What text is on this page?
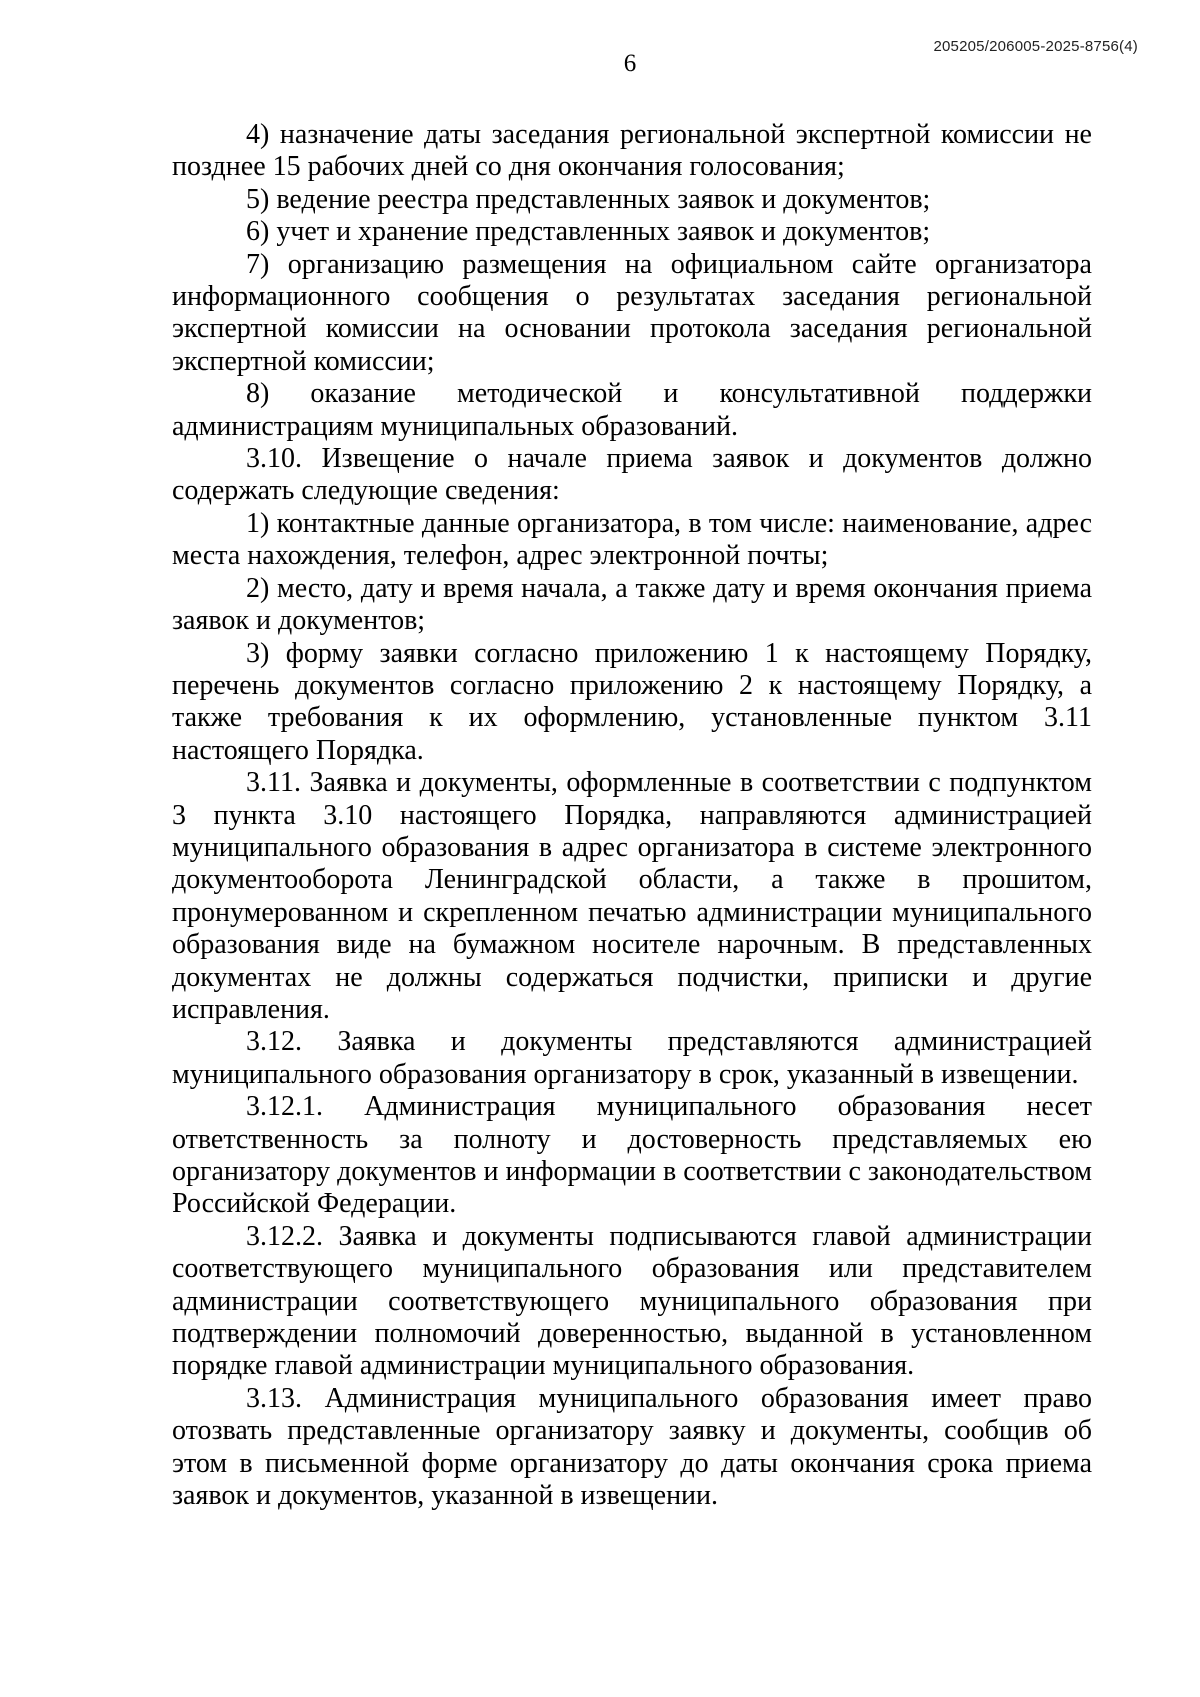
205205/206005-2025-8756(4)
6

4) назначение даты заседания региональной экспертной комиссии не позднее 15 рабочих дней со дня окончания голосования;

5) ведение реестра представленных заявок и документов;

6) учет и хранение представленных заявок и документов;

7) организацию размещения на официальном сайте организатора информационного сообщения о результатах заседания региональной экспертной комиссии на основании протокола заседания региональной экспертной комиссии;

8) оказание методической и консультативной поддержки администрациям муниципальных образований.

3.10. Извещение о начале приема заявок и документов должно содержать следующие сведения:

1) контактные данные организатора, в том числе: наименование, адрес места нахождения, телефон, адрес электронной почты;

2) место, дату и время начала, а также дату и время окончания приема заявок и документов;

3) форму заявки согласно приложению 1 к настоящему Порядку, перечень документов согласно приложению 2 к настоящему Порядку, а также требования к их оформлению, установленные пунктом 3.11 настоящего Порядка.

3.11. Заявка и документы, оформленные в соответствии с подпунктом 3 пункта 3.10 настоящего Порядка, направляются администрацией муниципального образования в адрес организатора в системе электронного документооборота Ленинградской области, а также в прошитом, пронумерованном и скрепленном печатью администрации муниципального образования виде на бумажном носителе нарочным. В представленных документах не должны содержаться подчистки, приписки и другие исправления.

3.12. Заявка и документы представляются администрацией муниципального образования организатору в срок, указанный в извещении.

3.12.1. Администрация муниципального образования несет ответственность за полноту и достоверность представляемых ею организатору документов и информации в соответствии с законодательством Российской Федерации.

3.12.2. Заявка и документы подписываются главой администрации соответствующего муниципального образования или представителем администрации соответствующего муниципального образования при подтверждении полномочий доверенностью, выданной в установленном порядке главой администрации муниципального образования.

3.13. Администрация муниципального образования имеет право отозвать представленные организатору заявку и документы, сообщив об этом в письменной форме организатору до даты окончания срока приема заявок и документов, указанной в извещении.
